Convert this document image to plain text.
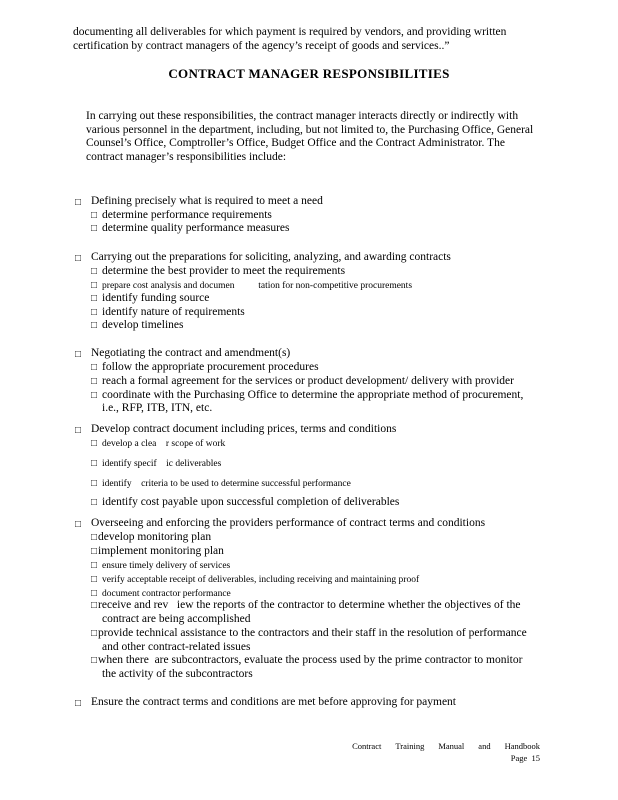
documenting all deliverables for which payment is required by vendors, and providing written
certification by contract managers of the agency’s receipt of goods and services..”
CONTRACT MANAGER RESPONSIBILITIES
In carrying out these responsibilities, the contract manager interacts directly or indirectly with
various personnel in the department, including, but not limited to, the Purchasing Office, General
Counsel’s Office, Comptroller’s Office, Budget Office and the Contract Administrator. The
contract manager’s responsibilities include:
□ Defining precisely what is required to meet a need
□ determine performance requirements
□ determine quality performance measures
□ Carrying out the preparations for soliciting, analyzing, and awarding contracts
□ determine the best provider to meet the requirements
□ prepare cost analysis and documen          tation for non-competitive procurements
□ identify funding source
□ identify nature of requirements
□ develop timelines
□ Negotiating the contract and amendment(s)
□ follow the appropriate procurement procedures
□ reach a formal agreement for the services or product development/ delivery with provider
□ coordinate with the Purchasing Office to determine the appropriate method of procurement,
i.e., RFP, ITB, ITN, etc.
□ Develop contract document including prices, terms and conditions
□ develop a clea    r scope of work
□ identify specif    ic deliverables
□ identify    criteria to be used to determine successful performance
□ identify cost payable upon successful completion of deliverables
□ Overseeing and enforcing the providers performance of contract terms and conditions
□develop monitoring plan
□implement monitoring plan
□ ensure timely delivery of services
□ verify acceptable receipt of deliverables, including receiving and maintaining proof
□ document contractor performance
□receive and rev   iew the reports of the contractor to determine whether the objectives of the
contract are being accomplished
□provide technical assistance to the contractors and their staff in the resolution of performance
and other contract-related issues
□when there  are subcontractors, evaluate the process used by the prime contractor to monitor
the activity of the subcontractors
□ Ensure the contract terms and conditions are met before approving for payment
Contract Training Manual and Handbook
Page  15
